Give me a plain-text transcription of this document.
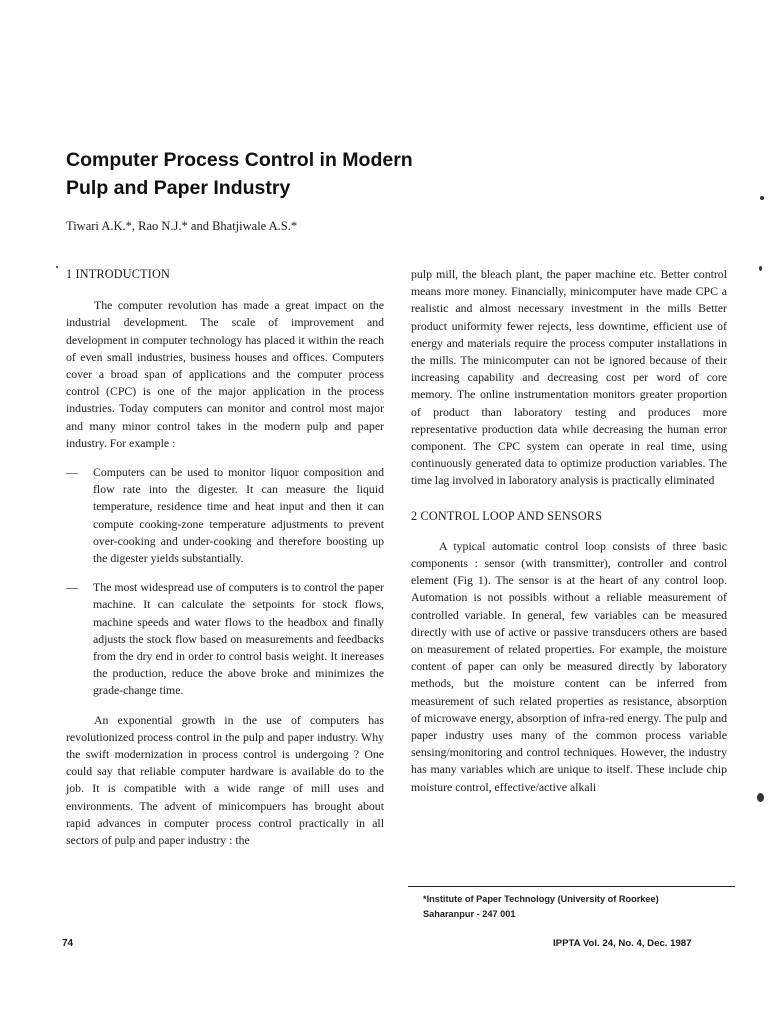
Computer Process Control in Modern
Pulp and Paper Industry
Tiwari A.K.*, Rao N.J.* and Bhatjiwale A.S.*
1 INTRODUCTION

The computer revolution has made a great impact on the industrial development. The scale of improvement and development in computer technology has placed it within the reach of even small industries, business houses and offices. Computers cover a broad span of applications and the computer process control (CPC) is one of the major application in the process industries. Today computers can monitor and control most major and many minor control takes in the modern pulp and paper industry. For example :

—	Computers can be used to monitor liquor composition and flow rate into the digester. It can measure the liquid temperature, residence time and heat input and then it can compute cooking-zone temperature adjustments to prevent over-cooking and under-cooking and therefore boosting up the digester yields substantially.
—	The most widespread use of computers is to control the paper machine. It can calculate the setpoints for stock flows, machine speeds and water flows to the headbox and finally adjusts the stock flow based on measurements and feedbacks from the dry end in order to control basis weight. It inereases the production, reduce the above broke and minimizes the grade-change time.

An exponential growth in the use of computers has revolutionized process control in the pulp and paper industry. Why the swift modernization in process control is undergoing ? One could say that reliable computer hardware is available do to the job. It is compatible with a wide range of mill uses and environments. The advent of minicompuers has brought about rapid advances in computer process control practically in all sectors of pulp and paper industry : the

pulp mill, the bleach plant, the paper machine etc. Better control means more money. Financially, minicomputer have made CPC a realistic and almost necessary investment in the mills Better product uniformity fewer rejects, less downtime, efficient use of energy and materials require the process computer installations in the mills. The minicomputer can not be ignored because of their increasing capability and decreasing cost per word of core memory. The online instrumentation monitors greater proportion of product than laboratory testing and produces more representative production data while decreasing the human error component. The CPC system can operate in real time, using continuously generated data to optimize production variables. The time lag involved in laboratory analysis is practically eliminated

2 CONTROL LOOP AND SENSORS

A typical automatic control loop consists of three basic components : sensor (with transmitter), controller and control element (Fig 1). The sensor is at the heart of any control loop. Automation is not possibls without a reliable measurement of controlled variable. In general, few variables can be measured directly with use of active or passive transducers others are based on measurement of related properties. For example, the moisture content of paper can only be measured directly by laboratory methods, but the moisture content can be inferred from measurement of such related properties as resistance, absorption of microwave energy, absorption of infra-red energy. The pulp and paper industry uses many of the common process variable sensing/monitoring and control techniques. However, the industry has many variables which are unique to itself. These include chip moisture control, effective/active alkali

*Institute of Paper Technology (University of Roorkee)
Saharanpur - 247 001
74	IPPTA Vol. 24, No. 4, Dec. 1987
